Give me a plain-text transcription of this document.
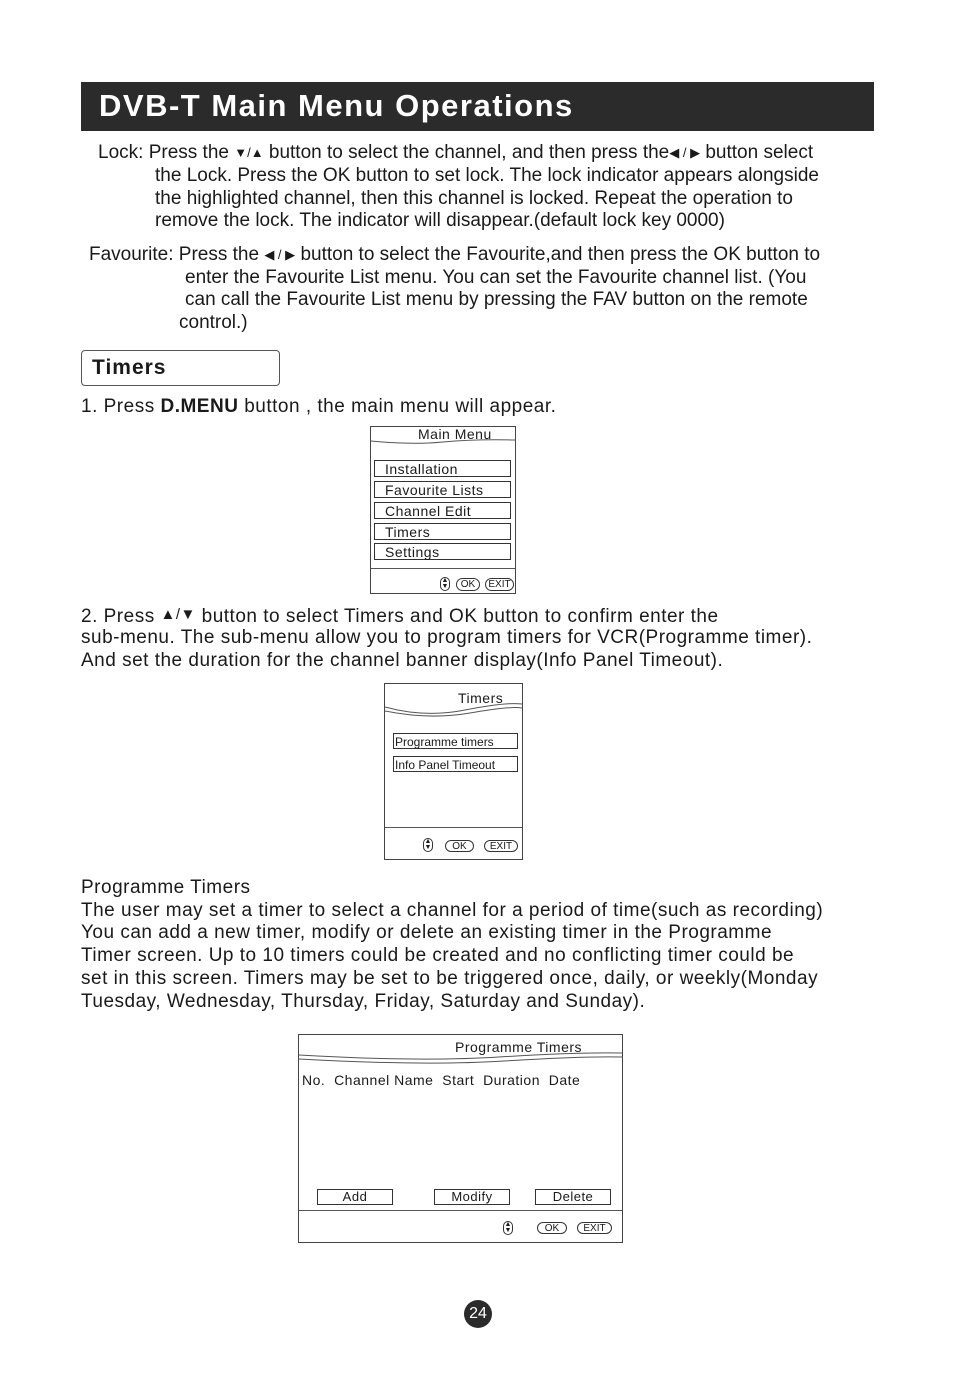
DVB-T Main Menu Operations
Lock: Press the ▼/▲ button to select the channel, and then press the◀ / ▶ button select
the Lock. Press the OK button to set lock. The lock indicator appears alongside
the highlighted channel, then this channel is locked. Repeat the operation to
remove the lock. The indicator will disappear.(default lock key 0000)
Favourite: Press the ◀ / ▶ button to select the Favourite,and then press the OK button to
enter the Favourite List menu. You can set the Favourite channel list. (You
can call the Favourite List menu by pressing the FAV button on the remote
control.)
Timers
1. Press D.MENU button , the main menu will appear.
Main Menu
Installation
Favourite Lists
Channel Edit
Timers
Settings
▲
▼	OK	EXIT
2. Press ▲/▼ button to select Timers and OK button to confirm enter the
sub-menu. The sub-menu allow you to program timers for VCR(Programme timer).
And set the duration for the channel banner display(Info Panel Timeout).
Timers
Programme timers
Info Panel Timeout
▲
▼	OK	EXIT
Programme Timers
The user may set a timer to select a channel for a period of time(such as recording)
You can add a new timer, modify or delete an existing timer in the Programme
Timer screen. Up to 10 timers could be created and no conflicting timer could be
set in this screen. Timers may be set to be triggered once, daily, or weekly(Monday
Tuesday, Wednesday, Thursday, Friday, Saturday and Sunday).
Programme Timers
No.  Channel Name  Start  Duration  Date
Add	Modify	Delete
▲
▼	OK	EXIT
24
